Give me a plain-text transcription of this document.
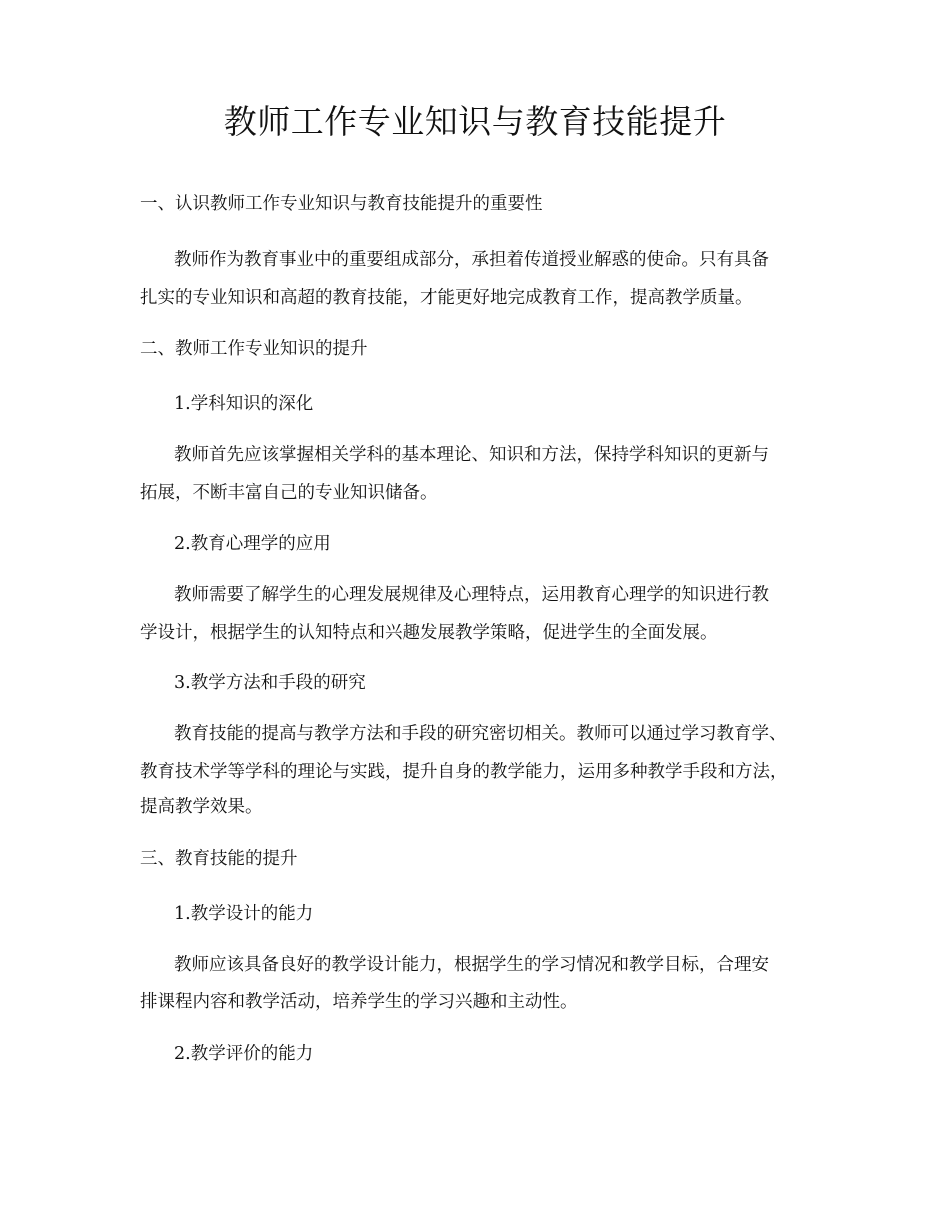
教师工作专业知识与教育技能提升

一、认识教师工作专业知识与教育技能提升的重要性

教师作为教育事业中的重要组成部分，承担着传道授业解惑的使命。只有具备

扎实的专业知识和高超的教育技能，才能更好地完成教育工作，提高教学质量。

二、教师工作专业知识的提升

1.学科知识的深化

教师首先应该掌握相关学科的基本理论、知识和方法，保持学科知识的更新与

拓展，不断丰富自己的专业知识储备。

2.教育心理学的应用

教师需要了解学生的心理发展规律及心理特点，运用教育心理学的知识进行教

学设计，根据学生的认知特点和兴趣发展教学策略，促进学生的全面发展。

3.教学方法和手段的研究

教育技能的提高与教学方法和手段的研究密切相关。教师可以通过学习教育学、

教育技术学等学科的理论与实践，提升自身的教学能力，运用多种教学手段和方法，

提高教学效果。

三、教育技能的提升

1.教学设计的能力

教师应该具备良好的教学设计能力，根据学生的学习情况和教学目标，合理安

排课程内容和教学活动，培养学生的学习兴趣和主动性。

2.教学评价的能力
